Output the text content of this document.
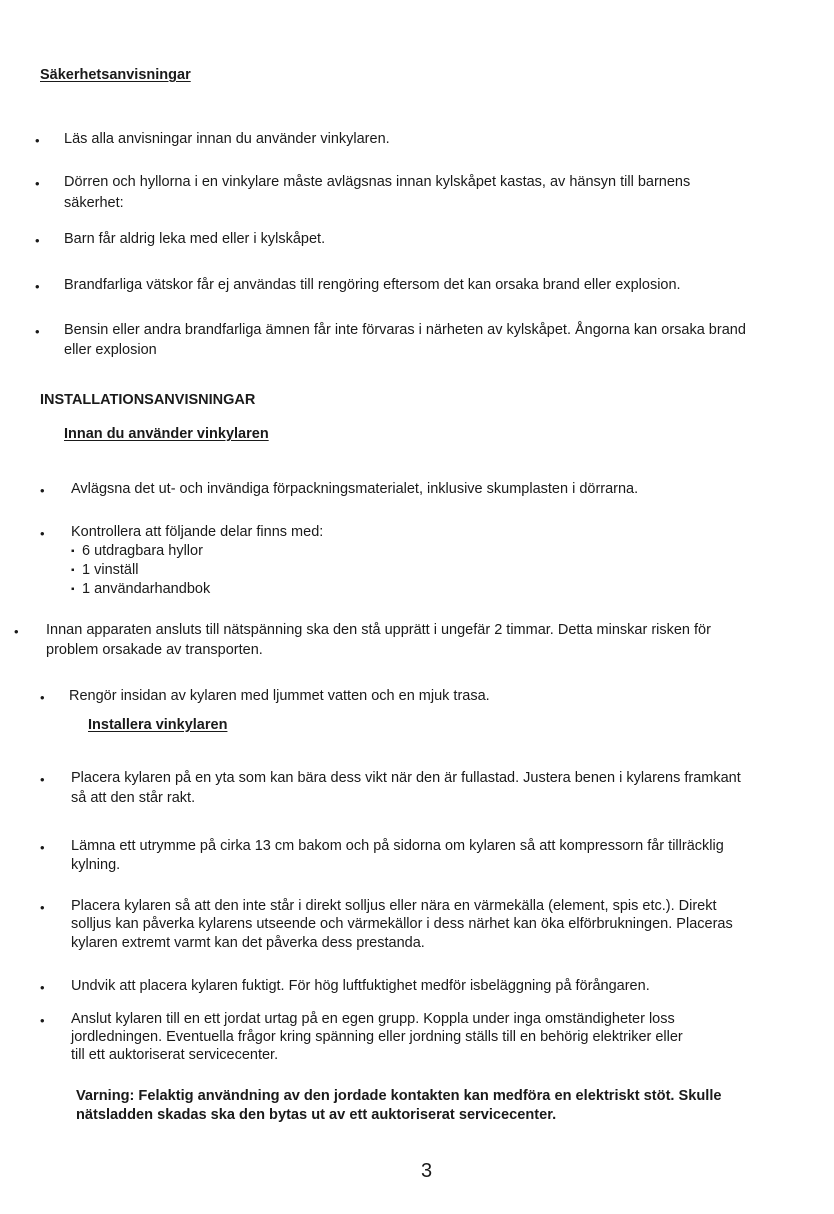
Säkerhetsanvisningar

• Läs alla anvisningar innan du använder vinkylaren.

• Dörren och hyllorna i en vinkylare måste avlägsnas innan kylskåpet kastas, av hänsyn till barnens

säkerhet:

• Barn får aldrig leka med eller i kylskåpet.

• Brandfarliga vätskor får ej användas till rengöring eftersom det kan orsaka brand eller explosion.

• Bensin eller andra brandfarliga ämnen får inte förvaras i närheten av kylskåpet. Ångorna kan orsaka brand

eller explosion

INSTALLATIONSANVISNINGAR

Innan du använder vinkylaren

• Avlägsna det ut- och invändiga förpackningsmaterialet, inklusive skumplasten i dörrarna.

• Kontrollera att följande delar finns med:

▪ 6 utdragbara hyllor

▪ 1 vinställ

▪ 1 användarhandbok

• Innan apparaten ansluts till nätspänning ska den stå upprätt i ungefär 2 timmar. Detta minskar risken för

problem orsakade av transporten.

• Rengör insidan av kylaren med ljummet vatten och en mjuk trasa.

Installera vinkylaren

• Placera kylaren på en yta som kan bära dess vikt när den är fullastad. Justera benen i kylarens framkant

så att den står rakt.

• Lämna ett utrymme på cirka 13 cm bakom och på sidorna om kylaren så att kompressorn får tillräcklig

kylning.

• Placera kylaren så att den inte står i direkt solljus eller nära en värmekälla (element, spis etc.). Direkt

solljus kan påverka kylarens utseende och värmekällor i dess närhet kan öka elförbrukningen. Placeras

kylaren extremt varmt kan det påverka dess prestanda.

• Undvik att placera kylaren fuktigt. För hög luftfuktighet medför isbeläggning på förångaren.

• Anslut kylaren till en ett jordat urtag på en egen grupp. Koppla under inga omständigheter loss

jordledningen. Eventuella frågor kring spänning eller jordning ställs till en behörig elektriker eller

till ett auktoriserat servicecenter.

Varning: Felaktig användning av den jordade kontakten kan medföra en elektriskt stöt. Skulle

nätsladden skadas ska den bytas ut av ett auktoriserat servicecenter.

3
